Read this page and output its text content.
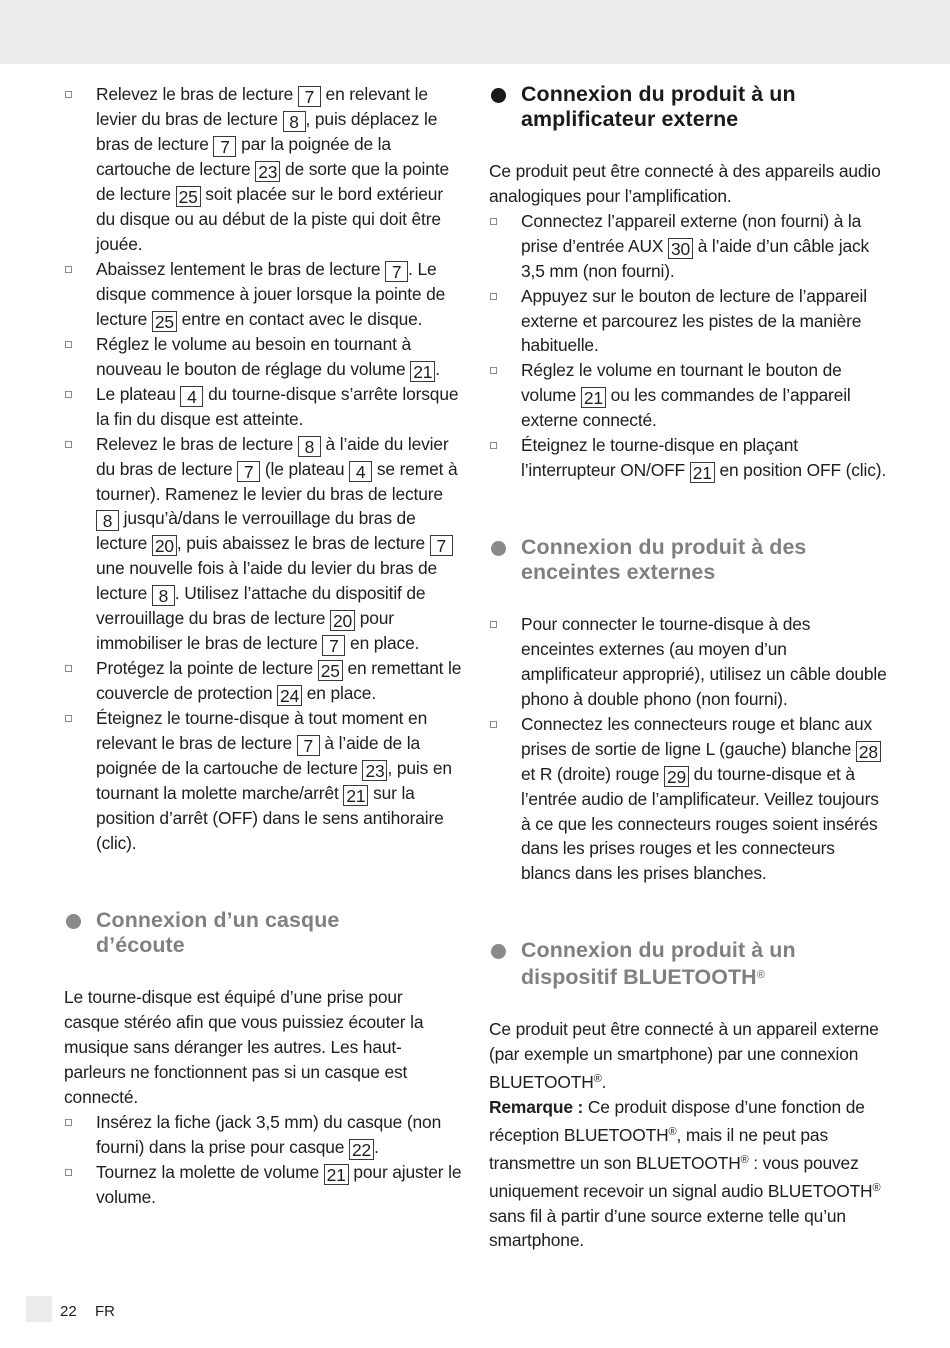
Relevez le bras de lecture 7 en relevant le levier du bras de lecture 8 , puis déplacez le bras de lecture 7 par la poignée de la cartouche de lecture 23 de sorte que la pointe de lecture 25 soit placée sur le bord extérieur du disque ou au début de la piste qui doit être jouée.
Abaissez lentement le bras de lecture 7 . Le disque commence à jouer lorsque la pointe de lecture 25 entre en contact avec le disque.
Réglez le volume au besoin en tournant à nouveau le bouton de réglage du volume 21 .
Le plateau 4 du tourne-disque s’arrête lorsque la fin du disque est atteinte.
Relevez le bras de lecture 8 à l’aide du levier du bras de lecture 7 (le plateau 4 se remet à tourner). Ramenez le levier du bras de lecture 8 jusqu’à/dans le verrouillage du bras de lecture 20 , puis abaissez le bras de lecture 7 une nouvelle fois à l’aide du levier du bras de lecture 8 . Utilisez l’attache du dispositif de verrouillage du bras de lecture 20 pour immobiliser le bras de lecture 7 en place.
Protégez la pointe de lecture 25 en remettant le couvercle de protection 24 en place.
Éteignez le tourne-disque à tout moment en relevant le bras de lecture 7 à l’aide de la poignée de la cartouche de lecture 23 , puis en tournant la molette marche/arrêt 21 sur la position d’arrêt (OFF) dans le sens antihoraire (clic).
Connexion d’un casque d’écoute

Le tourne-disque est équipé d’une prise pour casque stéréo afin que vous puissiez écouter la musique sans déranger les autres. Les haut-parleurs ne fonctionnent pas si un casque est connecté.

Insérez la fiche (jack 3,5 mm) du casque (non fourni) dans la prise pour casque 22 .
Tournez la molette de volume 21 pour ajuster le volume.
Connexion du produit à un amplificateur externe

Ce produit peut être connecté à des appareils audio analogiques pour l’amplification.

Connectez l’appareil externe (non fourni) à la prise d’entrée AUX 30 à l’aide d’un câble jack 3,5 mm (non fourni).
Appuyez sur le bouton de lecture de l’appareil externe et parcourez les pistes de la manière habituelle.
Réglez le volume en tournant le bouton de volume 21 ou les commandes de l’appareil externe connecté.
Éteignez le tourne-disque en plaçant l’interrupteur ON/OFF 21 en position OFF (clic).
Connexion du produit à des enceintes externes
Pour connecter le tourne-disque à des enceintes externes (au moyen d’un amplificateur approprié), utilisez un câble double phono à double phono (non fourni).
Connectez les connecteurs rouge et blanc aux prises de sortie de ligne L (gauche) blanche 28 et R (droite) rouge 29 du tourne-disque et à l’entrée audio de l’amplificateur. Veillez toujours à ce que les connecteurs rouges soient insérés dans les prises rouges et les connecteurs blancs dans les prises blanches.
Connexion du produit à un dispositif BLUETOOTH®

Ce produit peut être connecté à un appareil externe (par exemple un smartphone) par une connexion BLUETOOTH®.
Remarque : Ce produit dispose d’une fonction de réception BLUETOOTH®, mais il ne peut pas transmettre un son BLUETOOTH® : vous pouvez uniquement recevoir un signal audio BLUETOOTH® sans fil à partir d’une source externe telle qu’un smartphone.

22 FR
